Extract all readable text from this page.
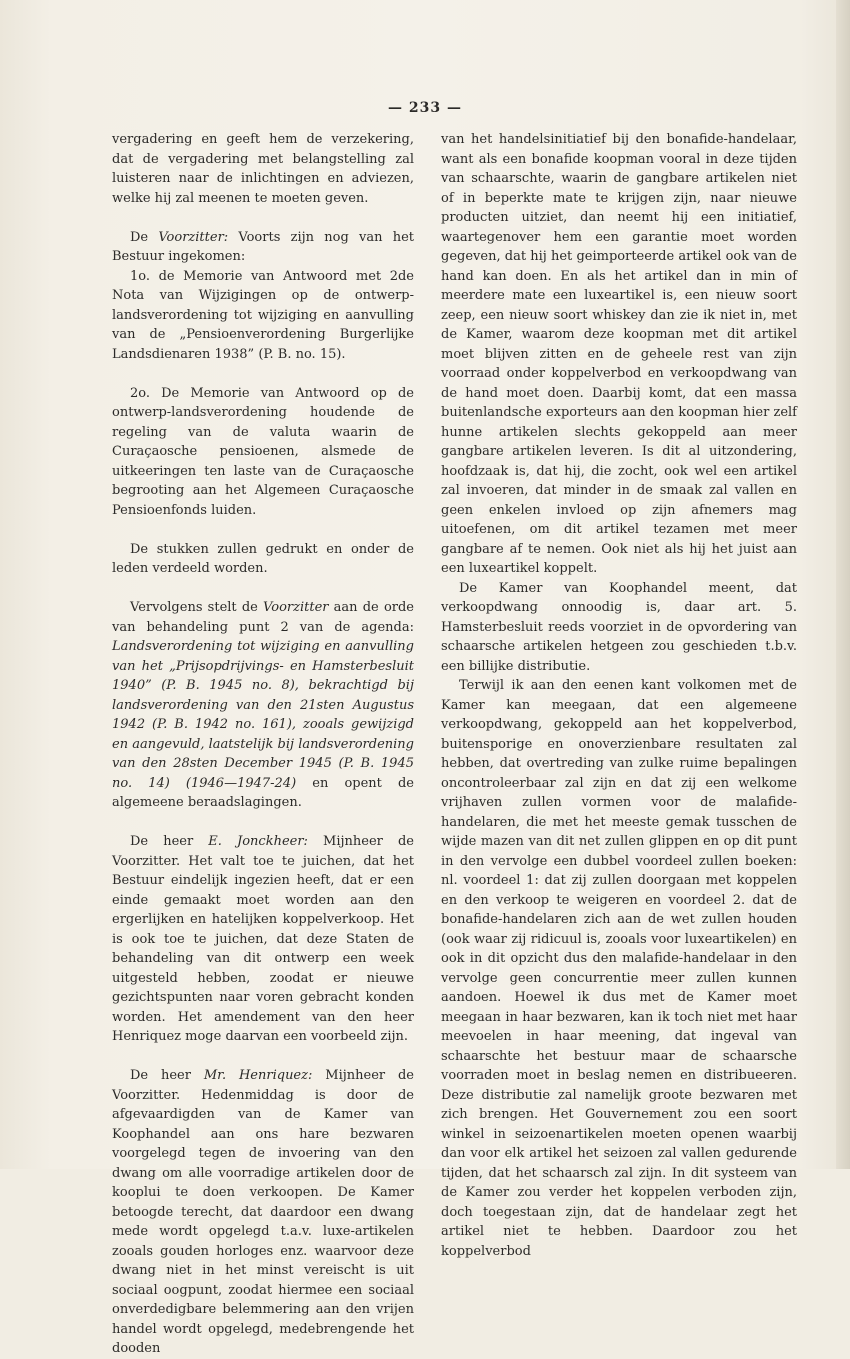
— 233 —

vergadering en geeft hem de verzekering, dat de vergadering met belangstelling zal luisteren naar de inlichtingen en adviezen, welke hij zal meenen te moeten geven.

De Voorzitter: Voorts zijn nog van het Bestuur ingekomen:

1o. de Memorie van Antwoord met 2de Nota van Wijzigingen op de ontwerp-landsverordening tot wijziging en aanvulling van de „Pensioenverordening Burgerlijke Landsdienaren 1938” (P. B. no. 15).

2o. De Memorie van Antwoord op de ontwerp-landsverordening houdende de regeling van de valuta waarin de Curaçaosche pensioenen, alsmede de uitkeeringen ten laste van de Curaçaosche begrooting aan het Algemeen Curaçaosche Pensioenfonds luiden.

De stukken zullen gedrukt en onder de leden verdeeld worden.

Vervolgens stelt de Voorzitter aan de orde van behandeling punt 2 van de agenda: Landsverordening tot wijziging en aanvulling van het „Prijsopdrijvings- en Hamsterbesluit 1940” (P. B. 1945 no. 8), bekrachtigd bij landsverordening van den 21sten Augustus 1942 (P. B. 1942 no. 161), zooals gewijzigd en aangevuld, laatstelijk bij landsverordening van den 28sten December 1945 (P. B. 1945 no. 14) (1946—1947-24) en opent de algemeene beraadslagingen.

De heer E. Jonckheer: Mijnheer de Voorzitter. Het valt toe te juichen, dat het Bestuur eindelijk ingezien heeft, dat er een einde gemaakt moet worden aan den ergerlijken en hatelijken koppelverkoop. Het is ook toe te juichen, dat deze Staten de behandeling van dit ontwerp een week uitgesteld hebben, zoodat er nieuwe gezichtspunten naar voren gebracht konden worden. Het amendement van den heer Henriquez moge daarvan een voorbeeld zijn.

De heer Mr. Henriquez: Mijnheer de Voorzitter. Hedenmiddag is door de afgevaardigden van de Kamer van Koophandel aan ons hare bezwaren voorgelegd tegen de invoering van den dwang om alle voorradige artikelen door de kooplui te doen verkoopen. De Kamer betoogde terecht, dat daardoor een dwang mede wordt opgelegd t.a.v. luxe-artikelen zooals gouden horloges enz. waarvoor deze dwang niet in het minst vereischt is uit sociaal oogpunt, zoodat hiermee een sociaal onverdedigbare belemmering aan den vrijen handel wordt opgelegd, medebrengende het dooden

van het handelsinitiatief bij den bonafide-handelaar, want als een bonafide koopman vooral in deze tijden van schaarschte, waarin de gangbare artikelen niet of in beperkte mate te krijgen zijn, naar nieuwe producten uitziet, dan neemt hij een initiatief, waartegenover hem een garantie moet worden gegeven, dat hij het geimporteerde artikel ook van de hand kan doen. En als het artikel dan in min of meerdere mate een luxeartikel is, een nieuw soort zeep, een nieuw soort whiskey dan zie ik niet in, met de Kamer, waarom deze koopman met dit artikel moet blijven zitten en de geheele rest van zijn voorraad onder koppelverbod en verkoopdwang van de hand moet doen. Daarbij komt, dat een massa buitenlandsche exporteurs aan den koopman hier zelf hunne artikelen slechts gekoppeld aan meer gangbare artikelen leveren. Is dit al uitzondering, hoofdzaak is, dat hij, die zocht, ook wel een artikel zal invoeren, dat minder in de smaak zal vallen en geen enkelen invloed op zijn afnemers mag uitoefenen, om dit artikel tezamen met meer gangbare af te nemen. Ook niet als hij het juist aan een luxeartikel koppelt.

De Kamer van Koophandel meent, dat verkoopdwang onnoodig is, daar art. 5. Hamsterbesluit reeds voorziet in de opvordering van schaarsche artikelen hetgeen zou geschieden t.b.v. een billijke distributie.

Terwijl ik aan den eenen kant volkomen met de Kamer kan meegaan, dat een algemeene verkoopdwang, gekoppeld aan het koppelverbod, buitensporige en onoverzienbare resultaten zal hebben, dat overtreding van zulke ruime bepalingen oncontroleerbaar zal zijn en dat zij een welkome vrijhaven zullen vormen voor de malafide-handelaren, die met het meeste gemak tusschen de wijde mazen van dit net zullen glippen en op dit punt in den vervolge een dubbel voordeel zullen boeken: nl. voordeel 1: dat zij zullen doorgaan met koppelen en den verkoop te weigeren en voordeel 2. dat de bonafide-handelaren zich aan de wet zullen houden (ook waar zij ridicuul is, zooals voor luxeartikelen) en ook in dit opzicht dus den malafide-handelaar in den vervolge geen concurrentie meer zullen kunnen aandoen. Hoewel ik dus met de Kamer moet meegaan in haar bezwaren, kan ik toch niet met haar meevoelen in haar meening, dat ingeval van schaarschte het bestuur maar de schaarsche voorraden moet in beslag nemen en distribueeren. Deze distributie zal namelijk groote bezwaren met zich brengen. Het Gouvernement zou een soort winkel in seizoenartikelen moeten openen waarbij dan voor elk artikel het seizoen zal vallen gedurende tijden, dat het schaarsch zal zijn. In dit systeem van de Kamer zou verder het koppelen verboden zijn, doch toegestaan zijn, dat de handelaar zegt het artikel niet te hebben. Daardoor zou het koppelverbod
